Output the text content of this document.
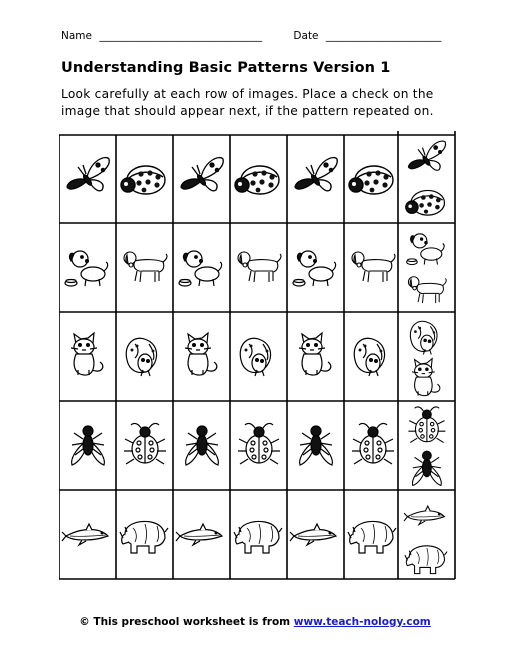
Name _______________________________	Date ______________________
Understanding Basic Patterns Version 1
Look carefully at each row of images. Place a check on the image that should appear next, if the pattern repeated on.
© This preschool worksheet is from www.teach-nology.com
